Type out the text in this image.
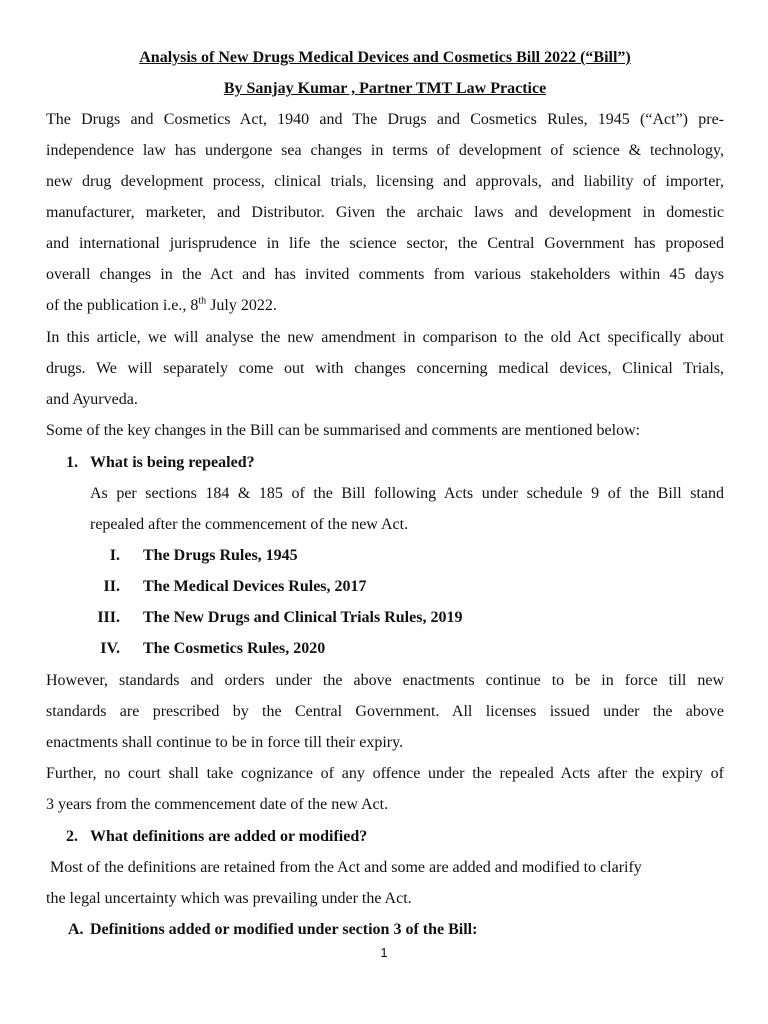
Analysis of New Drugs Medical Devices and Cosmetics Bill 2022 (“Bill”)
By Sanjay Kumar , Partner TMT Law Practice
The Drugs and Cosmetics Act, 1940 and The Drugs and Cosmetics Rules, 1945 (“Act”) pre-
independence law has undergone sea changes in terms of development of science & technology,
new drug development process, clinical trials, licensing and approvals, and liability of importer,
manufacturer, marketer, and Distributor. Given the archaic laws and development in domestic
and international jurisprudence in life the science sector, the Central Government has proposed
overall changes in the Act and has invited comments from various stakeholders within 45 days
of the publication i.e., 8th July 2022.
In this article, we will analyse the new amendment in comparison to the old Act specifically about
drugs. We will separately come out with changes concerning medical devices, Clinical Trials,
and Ayurveda.
Some of the key changes in the Bill can be summarised and comments are mentioned below:
1. What is being repealed?
As per sections 184 & 185 of the Bill following Acts under schedule 9 of the Bill stand
repealed after the commencement of the new Act.
I. The Drugs Rules, 1945
II. The Medical Devices Rules, 2017
III. The New Drugs and Clinical Trials Rules, 2019
IV. The Cosmetics Rules, 2020
However, standards and orders under the above enactments continue to be in force till new
standards are prescribed by the Central Government. All licenses issued under the above
enactments shall continue to be in force till their expiry.
Further, no court shall take cognizance of any offence under the repealed Acts after the expiry of
3 years from the commencement date of the new Act.
2. What definitions are added or modified?
Most of the definitions are retained from the Act and some are added and modified to clarify
the legal uncertainty which was prevailing under the Act.
A. Definitions added or modified under section 3 of the Bill:
1
